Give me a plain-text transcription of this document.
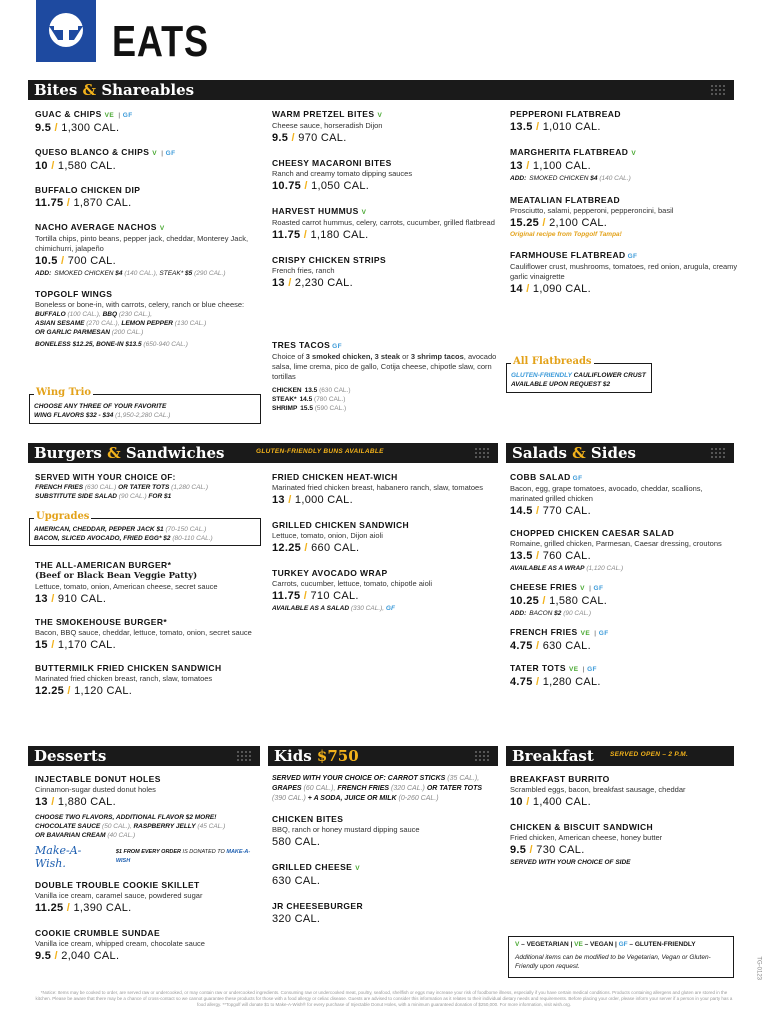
EATS
Bites & Shareables
GUAC & CHIPS VE | GF
9.5 / 1,300 CAL.
QUESO BLANCO & CHIPS V | GF
10 / 1,580 CAL.
BUFFALO CHICKEN DIP
11.75 / 1,870 CAL.
NACHO AVERAGE NACHOS V
Tortilla chips, pinto beans, pepper jack, cheddar, Monterey Jack, chimichurri, jalapeño
10.5 / 700 CAL.
ADD: SMOKED CHICKEN $4 (140 CAL.), STEAK* $5 (290 CAL.)
TOPGOLF WINGS
Boneless or bone-in, with carrots, celery, ranch or blue cheese:
BUFFALO (100 CAL.), BBQ (230 CAL.),
ASIAN SESAME (270 CAL.), LEMON PEPPER (130 CAL.)
OR GARLIC PARMESAN (200 CAL.)
BONELESS $12.25, BONE-IN $13.5 (650-940 CAL.)
Wing Trio
CHOOSE ANY THREE OF YOUR FAVORITE
WING FLAVORS $32 - $34 (1,950-2,280 CAL.)
WARM PRETZEL BITES V
Cheese sauce, horseradish Dijon
9.5 / 970 CAL.
CHEESY MACARONI BITES
Ranch and creamy tomato dipping sauces
10.75 / 1,050 CAL.
HARVEST HUMMUS V
Roasted carrot hummus, celery, carrots, cucumber, grilled flatbread
11.75 / 1,180 CAL.
CRISPY CHICKEN STRIPS
French fries, ranch
13 / 2,230 CAL.
TRES TACOS GF
Choice of 3 smoked chicken, 3 steak or 3 shrimp tacos, avocado salsa, lime crema, pico de gallo, Cotija cheese, chipotle slaw, corn tortillas
CHICKEN 13.5 (630 CAL.)
STEAK* 14.5 (780 CAL.)
SHRIMP 15.5 (590 CAL.)
PEPPERONI FLATBREAD
13.5 / 1,010 CAL.
MARGHERITA FLATBREAD V
13 / 1,100 CAL.
ADD: SMOKED CHICKEN $4 (140 CAL.)
MEATALIAN FLATBREAD
Prosciutto, salami, pepperoni, pepperoncini, basil
15.25 / 2,100 CAL.
Original recipe from Topgolf Tampa!
FARMHOUSE FLATBREAD GF
Cauliflower crust, mushrooms, tomatoes, red onion, arugula, creamy garlic vinaigrette
14 / 1,090 CAL.
All Flatbreads
GLUTEN-FRIENDLY CAULIFLOWER CRUST
AVAILABLE UPON REQUEST $2
Burgers & Sandwiches	GLUTEN-FRIENDLY BUNS AVAILABLE	Salads & Sides
SERVED WITH YOUR CHOICE OF:
FRENCH FRIES (630 CAL.) OR TATER TOTS (1,280 CAL.)
SUBSTITUTE SIDE SALAD (90 CAL.) FOR $1
Upgrades
AMERICAN, CHEDDAR, PEPPER JACK $1 (70-150 CAL.)
BACON, SLICED AVOCADO, FRIED EGG* $2 (80-110 CAL.)
THE ALL-AMERICAN BURGER*
(Beef or Black Bean Veggie Patty)
Lettuce, tomato, onion, American cheese, secret sauce
13 / 910 CAL.
THE SMOKEHOUSE BURGER*
Bacon, BBQ sauce, cheddar, lettuce, tomato, onion, secret sauce
15 / 1,170 CAL.
BUTTERMILK FRIED CHICKEN SANDWICH
Marinated fried chicken breast, ranch, slaw, tomatoes
12.25 / 1,120 CAL.
FRIED CHICKEN HEAT-WICH
Marinated fried chicken breast, habanero ranch, slaw, tomatoes
13 / 1,000 CAL.
GRILLED CHICKEN SANDWICH
Lettuce, tomato, onion, Dijon aioli
12.25 / 660 CAL.
TURKEY AVOCADO WRAP
Carrots, cucumber, lettuce, tomato, chipotle aioli
11.75 / 710 CAL.
AVAILABLE AS A SALAD (330 CAL.), GF
COBB SALAD GF
Bacon, egg, grape tomatoes, avocado, cheddar, scallions, marinated grilled chicken
14.5 / 770 CAL.
CHOPPED CHICKEN CAESAR SALAD
Romaine, grilled chicken, Parmesan, Caesar dressing, croutons
13.5 / 760 CAL.
AVAILABLE AS A WRAP (1,120 CAL.)
CHEESE FRIES V | GF
10.25 / 1,580 CAL.
ADD: BACON $2 (90 CAL.)
FRENCH FRIES VE | GF
4.75 / 630 CAL.
TATER TOTS VE | GF
4.75 / 1,280 CAL.
Desserts	Kids $750	Breakfast SERVED OPEN – 2 P.M.
INJECTABLE DONUT HOLES
Cinnamon-sugar dusted donut holes
13 / 1,880 CAL.
CHOOSE TWO FLAVORS, ADDITIONAL FLAVOR $2 MORE!
CHOCOLATE SAUCE (50 CAL.), RASPBERRY JELLY (45 CAL.)
OR BAVARIAN CREAM (40 CAL.)
Make-A-Wish.
$1 FROM EVERY ORDER IS DONATED TO MAKE-A-WISH
DOUBLE TROUBLE COOKIE SKILLET
Vanilla ice cream, caramel sauce, powdered sugar
11.25 / 1,390 CAL.
COOKIE CRUMBLE SUNDAE
Vanilla ice cream, whipped cream, chocolate sauce
9.5 / 2,040 CAL.
SERVED WITH YOUR CHOICE OF: CARROT STICKS (35 CAL.), GRAPES (60 CAL.), FRENCH FRIES (320 CAL.) OR TATER TOTS (390 CAL.) + A SODA, JUICE OR MILK (0-260 CAL.)
CHICKEN BITES
BBQ, ranch or honey mustard dipping sauce
580 CAL.
GRILLED CHEESE V
630 CAL.
JR CHEESEBURGER
320 CAL.
BREAKFAST BURRITO
Scrambled eggs, bacon, breakfast sausage, cheddar
10 / 1,400 CAL.
CHICKEN & BISCUIT SANDWICH
Fried chicken, American cheese, honey butter
9.5 / 730 CAL.
SERVED WITH YOUR CHOICE OF SIDE
V – VEGETARIAN | VE – VEGAN | GF – GLUTEN-FRIENDLY
Additional items can be modified to be Vegetarian, Vegan or Gluten-Friendly upon request.	TG-0123
*Notice: Items may be cooked to order, are served raw or undercooked, or may contain raw or undercooked ingredients. Consuming raw or undercooked meat, poultry, seafood, shellfish or eggs may increase your risk of foodborne illness, especially if you have certain medical conditions. Products containing allergens and gluten are stored in the kitchen. Please be aware that there may be a chance of cross-contact so we cannot guarantee these products for those with a food allergy or celiac disease. Guests are advised to consider this information as it relates to their individual dietary needs and requirements. Before placing your order, please inform your server if a person in your party has a food allergy. **Topgolf will donate $1 to Make-A-Wish® for every purchase of Injectable Donut Holes, with a minimum guaranteed donation of $250,000. For more information, visit wish.org.
